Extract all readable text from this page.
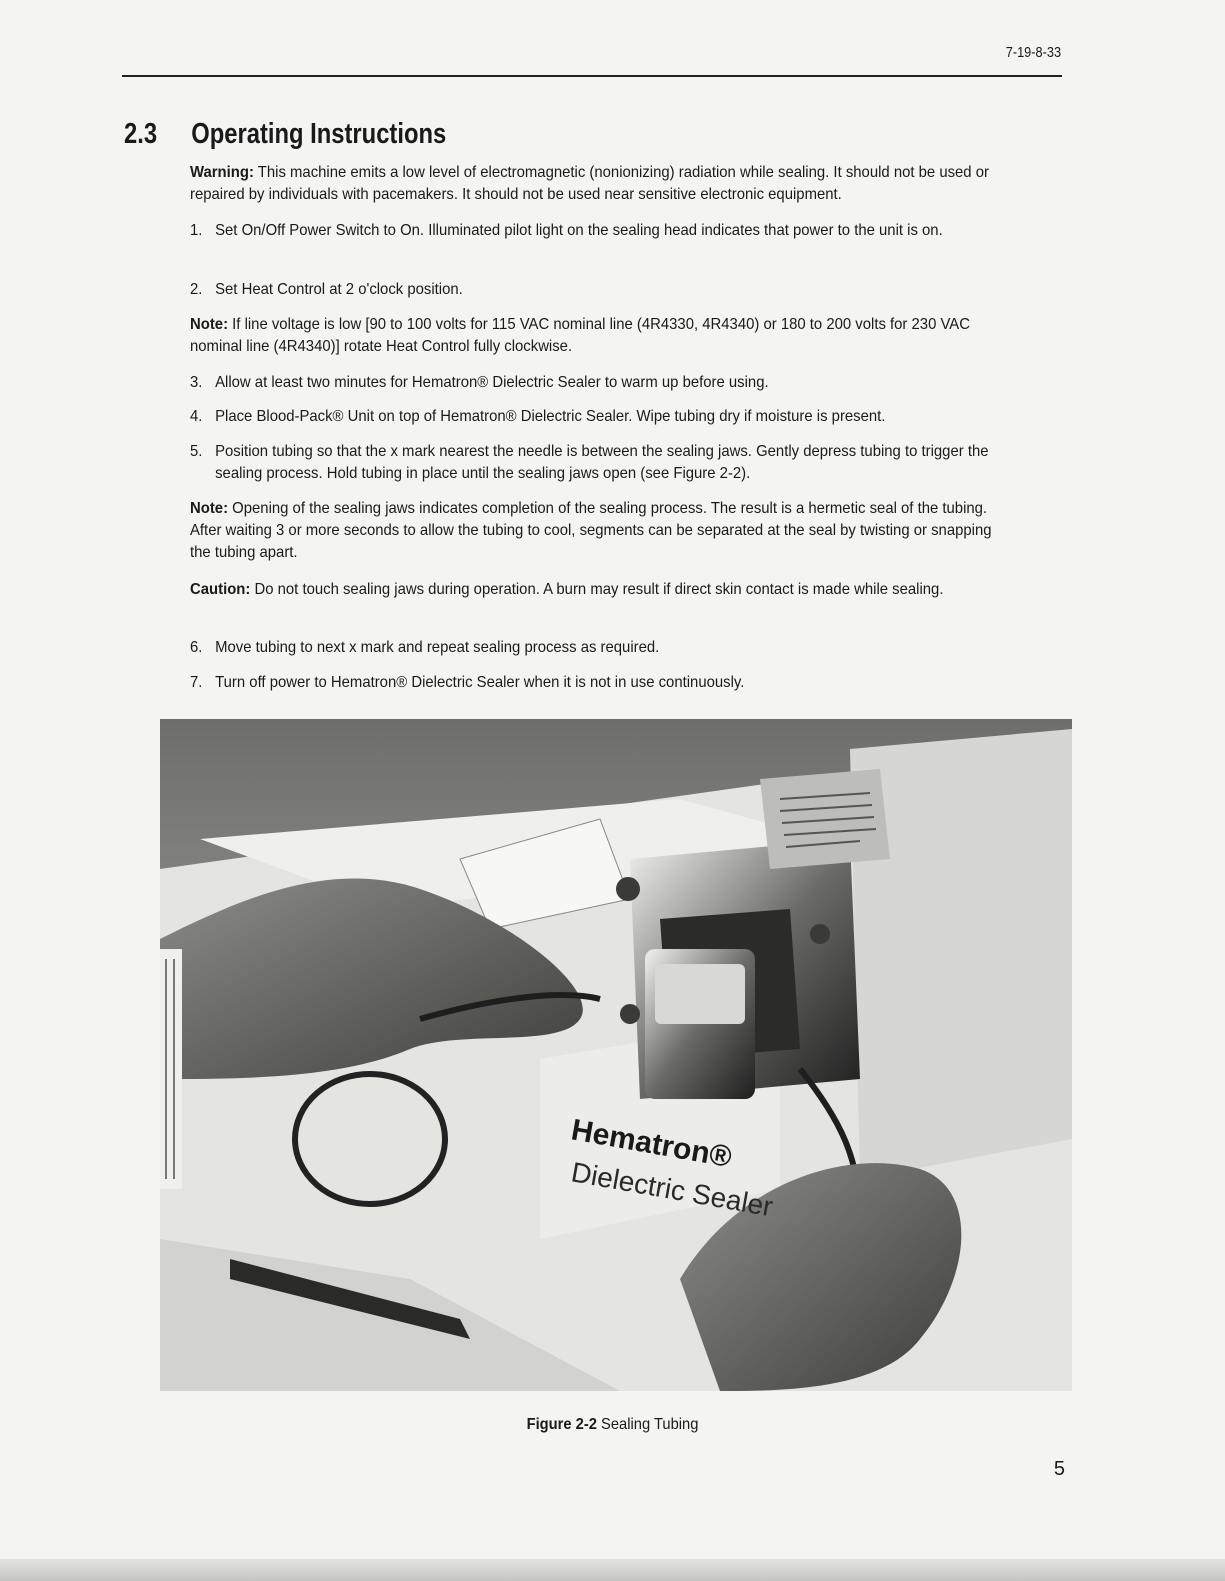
7-19-8-33
2.3 Operating Instructions
Warning: This machine emits a low level of electromagnetic (nonionizing) radiation while sealing. It should not be used or repaired by individuals with pacemakers. It should not be used near sensitive electronic equipment.
1. Set On/Off Power Switch to On. Illuminated pilot light on the sealing head indicates that power to the unit is on.
2. Set Heat Control at 2 o'clock position.
Note: If line voltage is low [90 to 100 volts for 115 VAC nominal line (4R4330, 4R4340) or 180 to 200 volts for 230 VAC nominal line (4R4340)] rotate Heat Control fully clockwise.
3. Allow at least two minutes for Hematron® Dielectric Sealer to warm up before using.
4. Place Blood-Pack® Unit on top of Hematron® Dielectric Sealer. Wipe tubing dry if moisture is present.
5. Position tubing so that the x mark nearest the needle is between the sealing jaws. Gently depress tubing to trigger the sealing process. Hold tubing in place until the sealing jaws open (see Figure 2-2).
Note: Opening of the sealing jaws indicates completion of the sealing process. The result is a hermetic seal of the tubing. After waiting 3 or more seconds to allow the tubing to cool, segments can be separated at the seal by twisting or snapping the tubing apart.
Caution: Do not touch sealing jaws during operation. A burn may result if direct skin contact is made while sealing.
6. Move tubing to next x mark and repeat sealing process as required.
7. Turn off power to Hematron® Dielectric Sealer when it is not in use continuously.
Hematron®
Dielectric Sealer
Figure 2-2 Sealing Tubing
5
